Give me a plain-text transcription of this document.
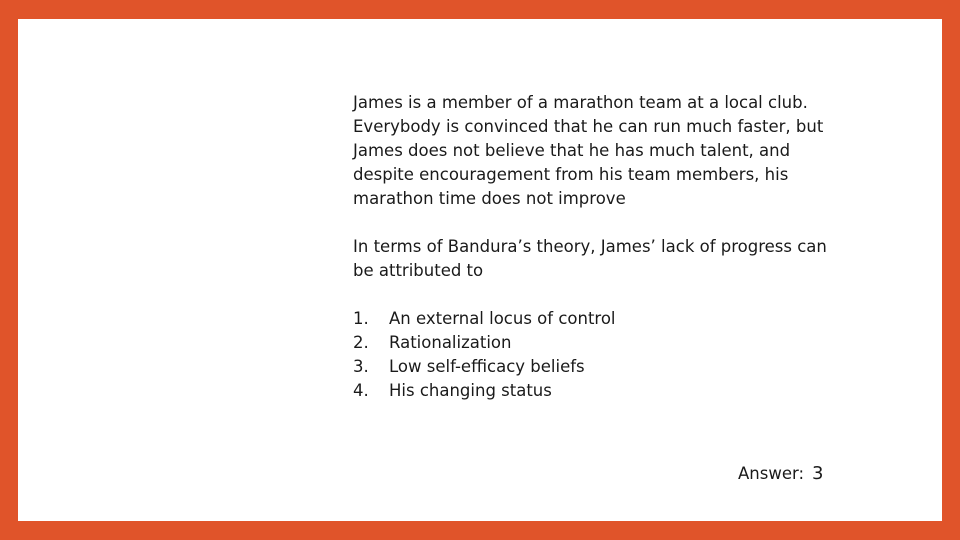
James is a member of a marathon team at a local club. Everybody is convinced that he can run much faster, but James does not believe that he has much talent, and despite encouragement from his team members, his marathon time does not improve

In terms of Bandura’s theory, James’ lack of progress can be attributed to

1.	An external locus of control
2.	Rationalization
3.	Low self-efficacy beliefs
4.	His changing status
Answer: 3
